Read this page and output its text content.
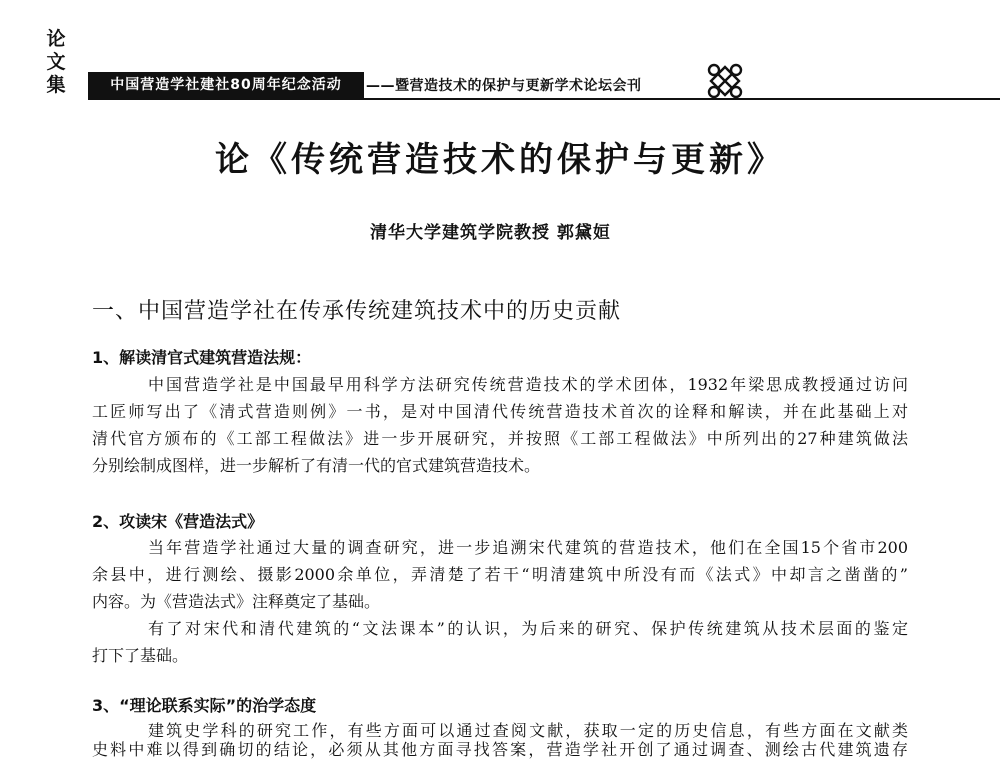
论
文
集	中国营造学社建社80周年纪念活动	——暨营造技术的保护与更新学术论坛会刊
论《传统营造技术的保护与更新》
清华大学建筑学院教授 郭黛姮
一、中国营造学社在传承传统建筑技术中的历史贡献
1、解读清官式建筑营造法规：
中国营造学社是中国最早用科学方法研究传统营造技术的学术团体，1932年梁思成教授通过访问
工匠师写出了《清式营造则例》一书，是对中国清代传统营造技术首次的诠释和解读，并在此基础上对
清代官方颁布的《工部工程做法》进一步开展研究，并按照《工部工程做法》中所列出的27种建筑做法
分别绘制成图样，进一步解析了有清一代的官式建筑营造技术。
2、攻读宋《营造法式》
当年营造学社通过大量的调查研究，进一步追溯宋代建筑的营造技术，他们在全国15个省市200
余县中，进行测绘、摄影2000余单位，弄清楚了若干“明清建筑中所没有而《法式》中却言之凿凿的”
内容。为《营造法式》注释奠定了基础。
有了对宋代和清代建筑的“文法课本”的认识，为后来的研究、保护传统建筑从技术层面的鉴定
打下了基础。
3、“理论联系实际”的治学态度
建筑史学科的研究工作，有些方面可以通过查阅文献，获取一定的历史信息，有些方面在文献类
史料中难以得到确切的结论，必须从其他方面寻找答案，营造学社开创了通过调查、测绘古代建筑遗存
